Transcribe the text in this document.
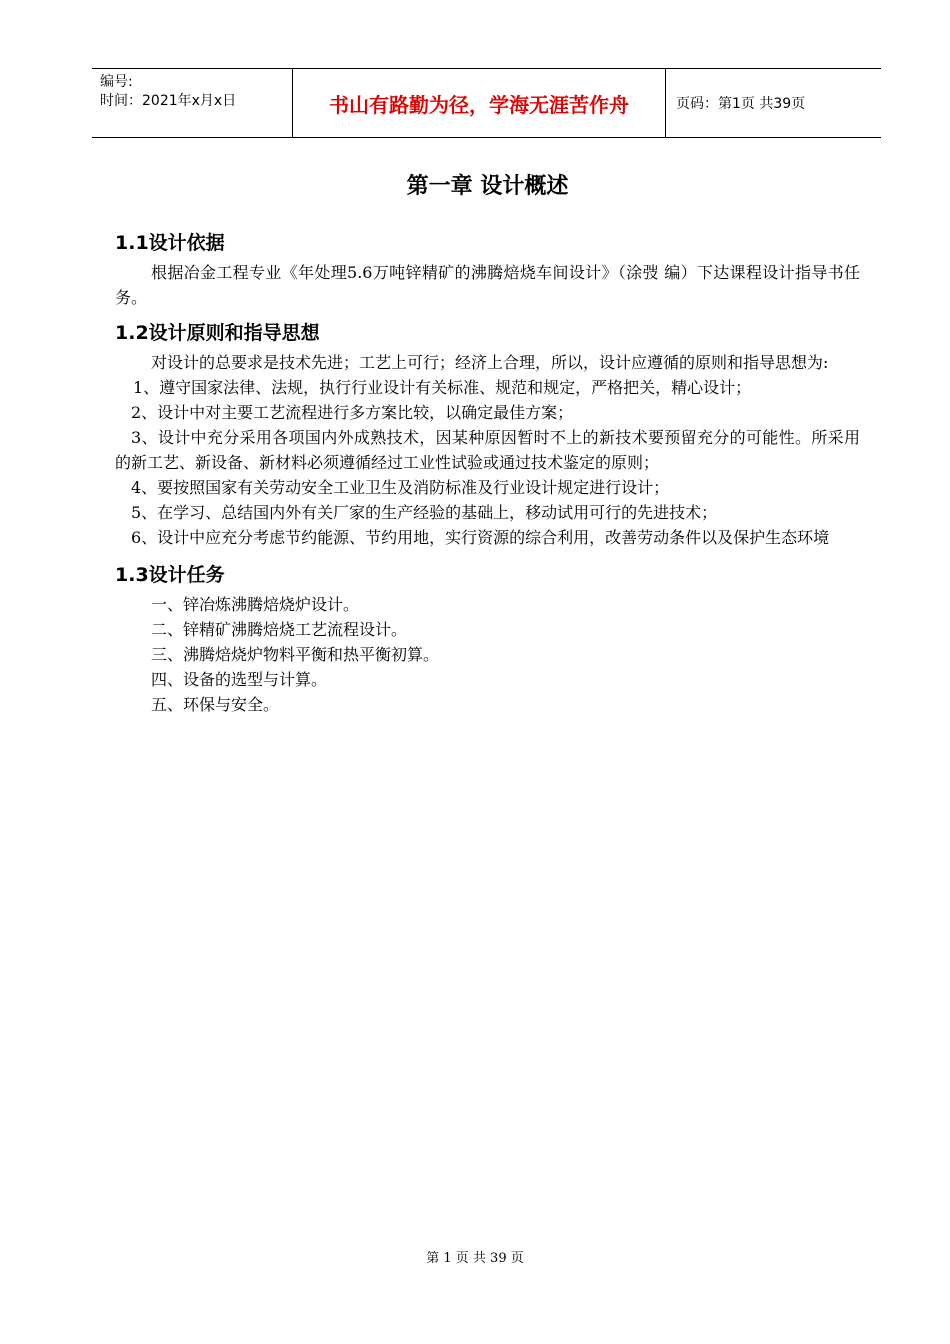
编号:
时间：2021年x月x日	书山有路勤为径，学海无涯苦作舟	页码：第1页 共39页
第一章 设计概述
1.1设计依据

根据冶金工程专业《年处理5.6万吨锌精矿的沸腾焙烧车间设计》（涂弢 编）下达课程设计指导书任务。

1.2设计原则和指导思想

对设计的总要求是技术先进；工艺上可行；经济上合理，所以，设计应遵循的原则和指导思想为:

1、遵守国家法律、法规，执行行业设计有关标准、规范和规定，严格把关，精心设计；

2、设计中对主要工艺流程进行多方案比较，以确定最佳方案；

3、设计中充分采用各项国内外成熟技术，因某种原因暂时不上的新技术要预留充分的可能性。所采用的新工艺、新设备、新材料必须遵循经过工业性试验或通过技术鉴定的原则；

4、要按照国家有关劳动安全工业卫生及消防标准及行业设计规定进行设计；

5、在学习、总结国内外有关厂家的生产经验的基础上，移动试用可行的先进技术；

6、设计中应充分考虑节约能源、节约用地，实行资源的综合利用，改善劳动条件以及保护生态环境

1.3设计任务
一、锌冶炼沸腾焙烧炉设计。
二、锌精矿沸腾焙烧工艺流程设计。
三、沸腾焙烧炉物料平衡和热平衡初算。
四、设备的选型与计算。
五、环保与安全。
第 1 页 共 39 页
